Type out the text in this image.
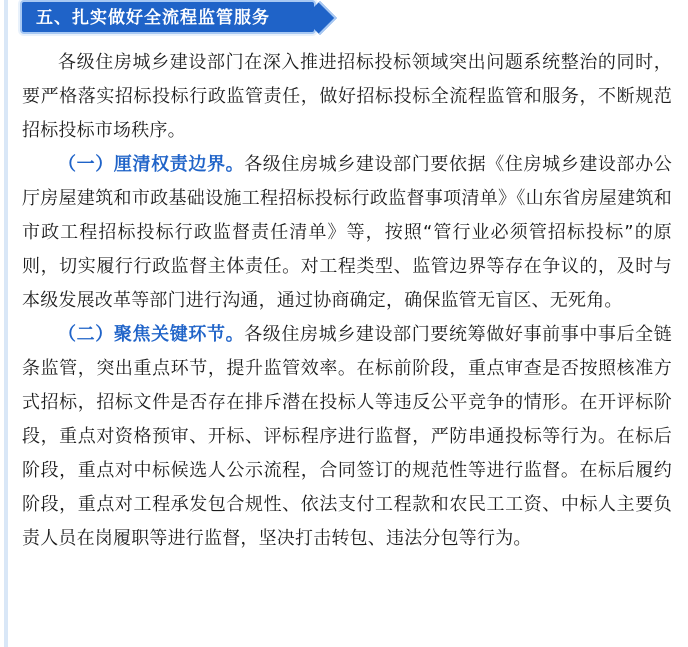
五、扎实做好全流程监管服务

各级住房城乡建设部门在深入推进招标投标领域突出问题系统整治的同时，要严格落实招标投标行政监管责任，做好招标投标全流程监管和服务，不断规范招标投标市场秩序。

（一）厘清权责边界。各级住房城乡建设部门要依据《住房城乡建设部办公厅房屋建筑和市政基础设施工程招标投标行政监督事项清单》《山东省房屋建筑和市政工程招标投标行政监督责任清单》等，按照“管行业必须管招标投标”的原则，切实履行行政监督主体责任。对工程类型、监管边界等存在争议的，及时与本级发展改革等部门进行沟通，通过协商确定，确保监管无盲区、无死角。

（二）聚焦关键环节。各级住房城乡建设部门要统筹做好事前事中事后全链条监管，突出重点环节，提升监管效率。在标前阶段，重点审查是否按照核准方式招标，招标文件是否存在排斥潜在投标人等违反公平竞争的情形。在开评标阶段，重点对资格预审、开标、评标程序进行监督，严防串通投标等行为。在标后阶段，重点对中标候选人公示流程，合同签订的规范性等进行监督。在标后履约阶段，重点对工程承发包合规性、依法支付工程款和农民工工资、中标人主要负责人员在岗履职等进行监督，坚决打击转包、违法分包等行为。
